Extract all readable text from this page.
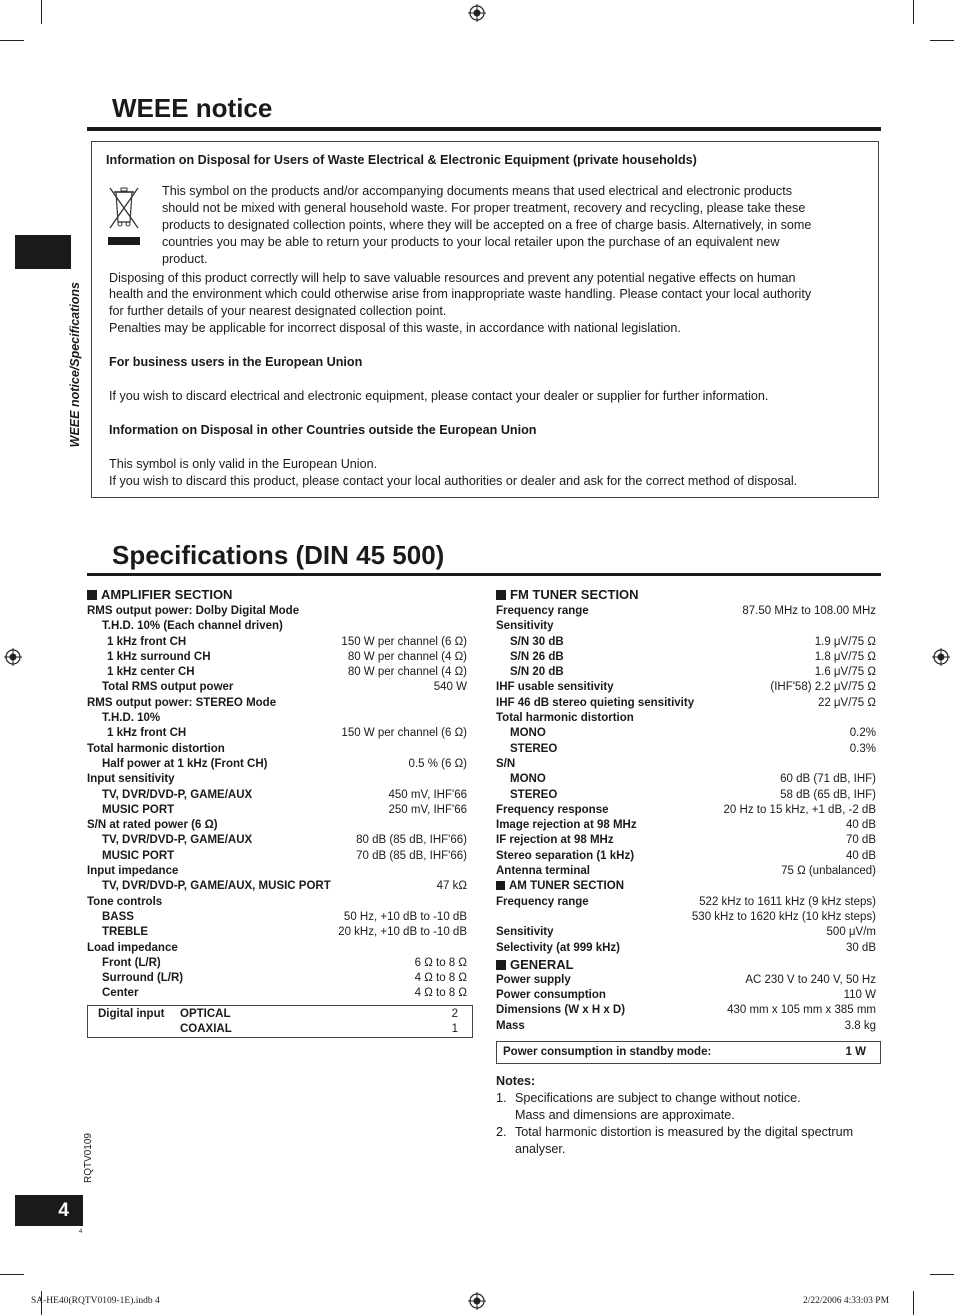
WEEE notice/Specifications
WEEE notice
Information on Disposal for Users of Waste Electrical & Electronic Equipment (private households)
This symbol on the products and/or accompanying documents means that used electrical and electronic products
should not be mixed with general household waste. For proper treatment, recovery and recycling, please take these
products to designated collection points, where they will be accepted on a free of charge basis. Alternatively, in some
countries you may be able to return your products to your local retailer upon the purchase of an equivalent new
product.
Disposing of this product correctly will help to save valuable resources and prevent any potential negative effects on human
health and the environment which could otherwise arise from inappropriate waste handling. Please contact your local authority
for further details of your nearest designated collection point.
Penalties may be applicable for incorrect disposal of this waste, in accordance with national legislation.
For business users in the European Union
If you wish to discard electrical and electronic equipment, please contact your dealer or supplier for further information.
Information on Disposal in other Countries outside the European Union
This symbol is only valid in the European Union.
If you wish to discard this product, please contact your local authorities or dealer and ask for the correct method of disposal.
Specifications (DIN 45 500)
AMPLIFIER SECTION
RMS output power: Dolby Digital Mode
T.H.D. 10% (Each channel driven)
1 kHz front CH	150 W per channel (6 Ω)
1 kHz surround CH	80 W per channel (4 Ω)
1 kHz center CH	80 W per channel (4 Ω)
Total RMS output power	540 W
RMS output power: STEREO Mode
T.H.D. 10%
1 kHz front CH	150 W per channel (6 Ω)
Total harmonic distortion
Half power at 1 kHz (Front CH)	0.5 % (6 Ω)
Input sensitivity
TV, DVR/DVD-P, GAME/AUX	450 mV, IHF'66
MUSIC PORT	250 mV, IHF'66
S/N at rated power (6 Ω)
TV, DVR/DVD-P, GAME/AUX	80 dB (85 dB, IHF'66)
MUSIC PORT	70 dB (85 dB, IHF'66)
Input impedance
TV, DVR/DVD-P, GAME/AUX, MUSIC PORT	47 kΩ
Tone controls
BASS	50 Hz, +10 dB to -10 dB
TREBLE	20 kHz, +10 dB to -10 dB
Load impedance
Front (L/R)	6 Ω to 8 Ω
Surround (L/R)	4 Ω to 8 Ω
Center	4 Ω to 8 Ω
Digital input OPTICAL	2
COAXIAL	1
FM TUNER SECTION
Frequency range	87.50 MHz to 108.00 MHz
Sensitivity
S/N 30 dB	1.9 μV/75 Ω
S/N 26 dB	1.8 μV/75 Ω
S/N 20 dB	1.6 μV/75 Ω
IHF usable sensitivity	(IHF'58) 2.2 μV/75 Ω
IHF 46 dB stereo quieting sensitivity	22 μV/75 Ω
Total harmonic distortion
MONO	0.2%
STEREO	0.3%
S/N
MONO	60 dB (71 dB, IHF)
STEREO	58 dB (65 dB, IHF)
Frequency response	20 Hz to 15 kHz, +1 dB, -2 dB
Image rejection at 98 MHz	40 dB
IF rejection at 98 MHz	70 dB
Stereo separation (1 kHz)	40 dB
Antenna terminal	75 Ω (unbalanced)
AM TUNER SECTION
Frequency range	522 kHz to 1611 kHz (9 kHz steps)
530 kHz to 1620 kHz (10 kHz steps)
Sensitivity	500 μV/m
Selectivity (at 999 kHz)	30 dB
GENERAL
Power supply	AC 230 V to 240 V, 50 Hz
Power consumption	110 W
Dimensions (W x H x D)	430 mm x 105 mm x 385 mm
Mass	3.8 kg
Power consumption in standby mode:	1 W
Notes:
1. Specifications are subject to change without notice.
Mass and dimensions are approximate.
2. Total harmonic distortion is measured by the digital spectrum
analyser.
RQTV0109
4
4
SA-HE40(RQTV0109-1E).indb 4	2/22/2006 4:33:03 PM
